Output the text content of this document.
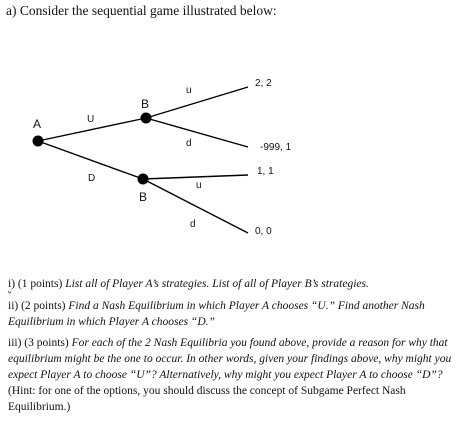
a) Consider the sequential game illustrated below:
A
B
B
U
D
u
d
u
d
2, 2
-999, 1
1, 1
0, 0
i) (1 points) List all of Player A’s strategies. List of all of Player B’s strategies.
ii) (2 points) Find a Nash Equilibrium in which Player A chooses “U.” Find another Nash Equilibrium in which Player A chooses “D.”
iii) (3 points) For each of the 2 Nash Equilibria you found above, provide a reason for why that equilibrium might be the one to occur. In other words, given your findings above, why might you expect Player A to choose “U”? Alternatively, why might you expect Player A to choose “D”? (Hint: for one of the options, you should discuss the concept of Subgame Perfect Nash Equilibrium.)
